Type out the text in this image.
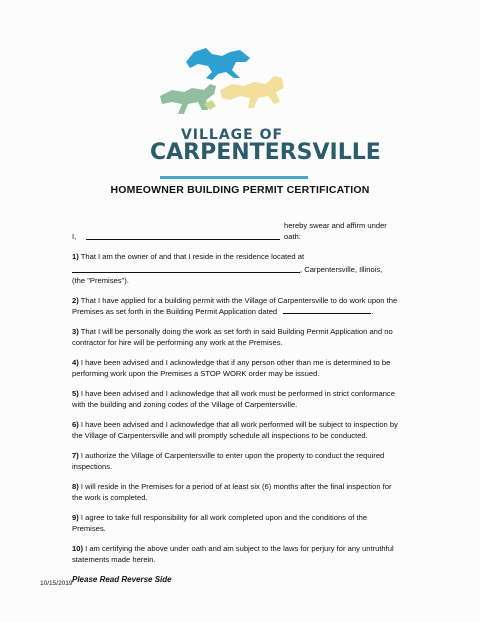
VILLAGE OF
CARPENTERSVILLE
HOMEOWNER BUILDING PERMIT CERTIFICATION
I,
hereby swear and affirm under oath:
1) That I am the owner of and that I reside in the residence located at
, Carpentersville, Illinois,
(the "Premises").
2) That I have applied for a building permit with the Village of Carpentersville to do work upon the Premises as set forth in the Building Permit Application dated	.
3) That I will be personally doing the work as set forth in said Building Permit Application and no contractor for hire will be performing any work at the Premises.
4) I have been advised and I acknowledge that if any person other than me is determined to be performing work upon the Premises a STOP WORK order may be issued.
5) I have been advised and I acknowledge that all work must be performed in strict conformance with the building and zoning codes of the Village of Carpentersville.
6) I have been advised and I acknowledge that all work performed will be subject to inspection by the Village of Carpentersville and will promptly schedule all inspections to be conducted.
7) I authorize the Village of Carpentersville to enter upon the property to conduct the required inspections.
8) I will reside in the Premises for a period of at least six (6) months after the final inspection for the work is completed.
9) I agree to take full responsibility for all work completed upon and the conditions of the Premises.
10) I am certifying the above under oath and am subject to the laws for perjury for any untruthful statements made herein.
Please Read Reverse Side
10/15/2019
